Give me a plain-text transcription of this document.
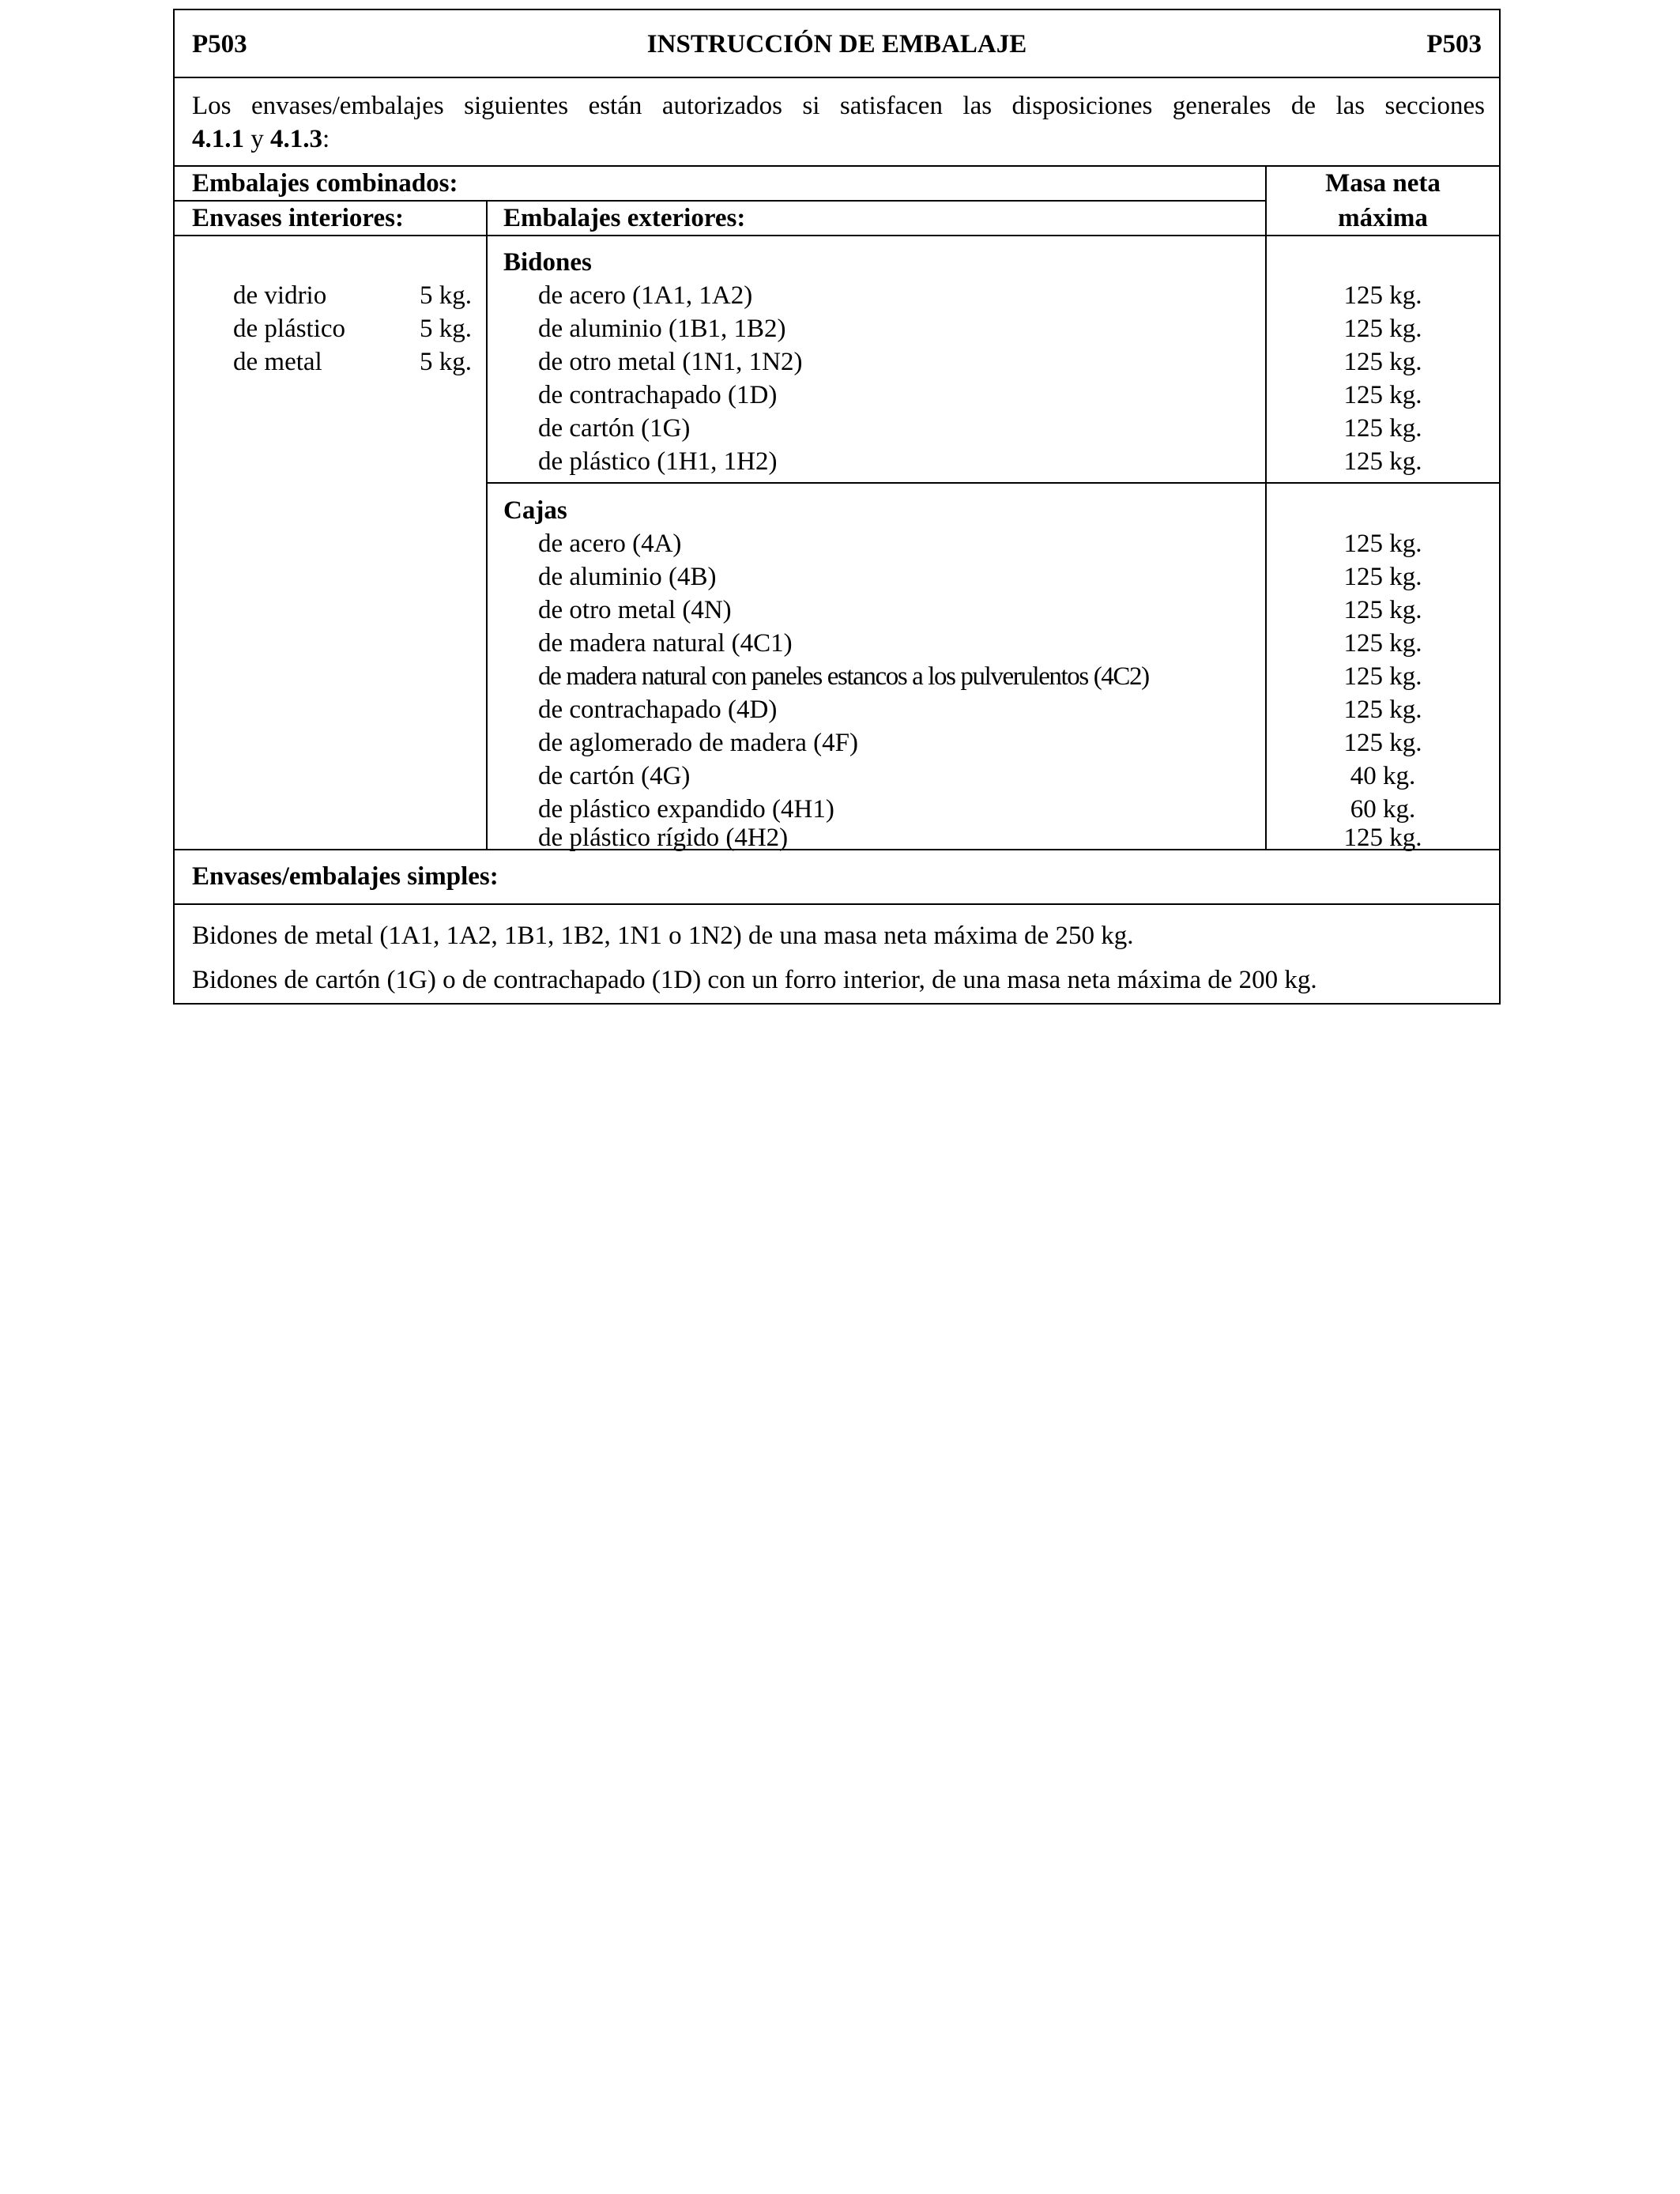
P503	INSTRUCCIÓN DE EMBALAJE	P503
Los envases/embalajes siguientes están autorizados si satisfacen las disposiciones generales de las secciones
4.1.1 y 4.1.3:
Embalajes combinados:
Envases interiores:	Embalajes exteriores:
Masa neta
máxima
de vidrio	5 kg.
de plástico	5 kg.
de metal	5 kg.
Bidones
de acero (1A1, 1A2)	125 kg.
de aluminio (1B1, 1B2)	125 kg.
de otro metal (1N1, 1N2)	125 kg.
de contrachapado (1D)	125 kg.
de cartón (1G)	125 kg.
de plástico (1H1, 1H2)	125 kg.
Cajas
de acero (4A)	125 kg.
de aluminio (4B)	125 kg.
de otro metal (4N)	125 kg.
de madera natural (4C1)	125 kg.
de madera natural con paneles estancos a los pulverulentos (4C2)	125 kg.
de contrachapado (4D)	125 kg.
de aglomerado de madera (4F)	125 kg.
de cartón (4G)	40 kg.
de plástico expandido (4H1)	60 kg.
de plástico rígido (4H2)	125 kg.
Envases/embalajes simples:
Bidones de metal (1A1, 1A2, 1B1, 1B2, 1N1 o 1N2) de una masa neta máxima de 250 kg.
Bidones de cartón (1G) o de contrachapado (1D) con un forro interior, de una masa neta máxima de 200 kg.
